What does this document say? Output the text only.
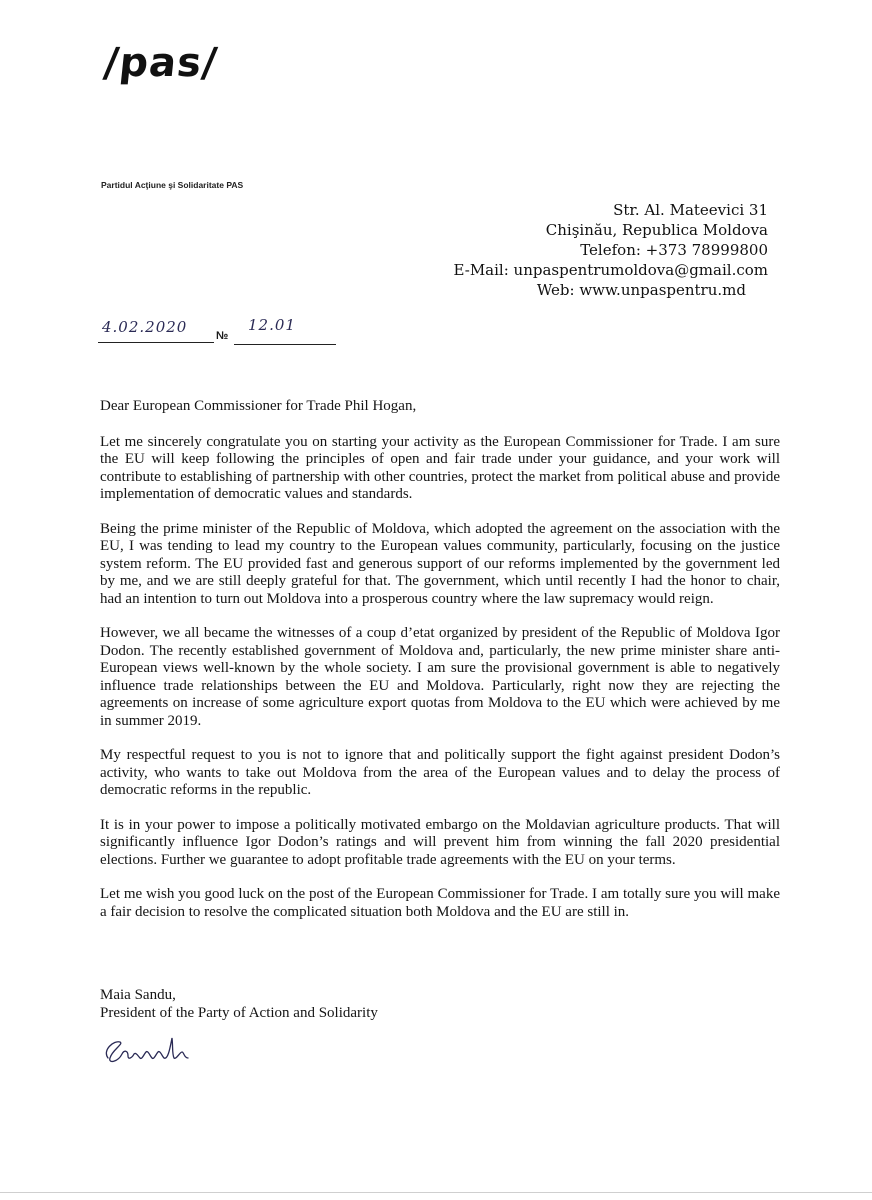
/pas/
Partidul Acţiune şi Solidaritate PAS
Str. Al. Mateevici 31
Chişinău, Republica Moldova
Telefon: +373 78999800
E-Mail: unpaspentrumoldova@gmail.com
Web: www.unpaspentru.md
4.02.2020	№
12.01

Dear European Commissioner for Trade Phil Hogan,

Let me sincerely congratulate you on starting your activity as the European Commissioner for Trade. I am sure the EU will keep following the principles of open and fair trade under your guidance, and your work will contribute to establishing of partnership with other countries, protect the market from political abuse and provide implementation of democratic values and standards.

Being the prime minister of the Republic of Moldova, which adopted the agreement on the association with the EU, I was tending to lead my country to the European values community, particularly, focusing on the justice system reform. The EU provided fast and generous support of our reforms implemented by the government led by me, and we are still deeply grateful for that. The government, which until recently I had the honor to chair, had an intention to turn out Moldova into a prosperous country where the law supremacy would reign.

However, we all became the witnesses of a coup d’etat organized by president of the Republic of Moldova Igor Dodon. The recently established government of Moldova and, particularly, the new prime minister share anti-European views well-known by the whole society. I am sure the provisional government is able to negatively influence trade relationships between the EU and Moldova. Particularly, right now they are rejecting the agreements on increase of some agriculture export quotas from Moldova to the EU which were achieved by me in summer 2019.

My respectful request to you is not to ignore that and politically support the fight against president Dodon’s activity, who wants to take out Moldova from the area of the European values and to delay the process of democratic reforms in the republic.

It is in your power to impose a politically motivated embargo on the Moldavian agriculture products. That will significantly influence Igor Dodon’s ratings and will prevent him from winning the fall 2020 presidential elections. Further we guarantee to adopt profitable trade agreements with the EU on your terms.

Let me wish you good luck on the post of the European Commissioner for Trade. I am totally sure you will make a fair decision to resolve the complicated situation both Moldova and the EU are still in.

Maia Sandu,
President of the Party of Action and Solidarity
